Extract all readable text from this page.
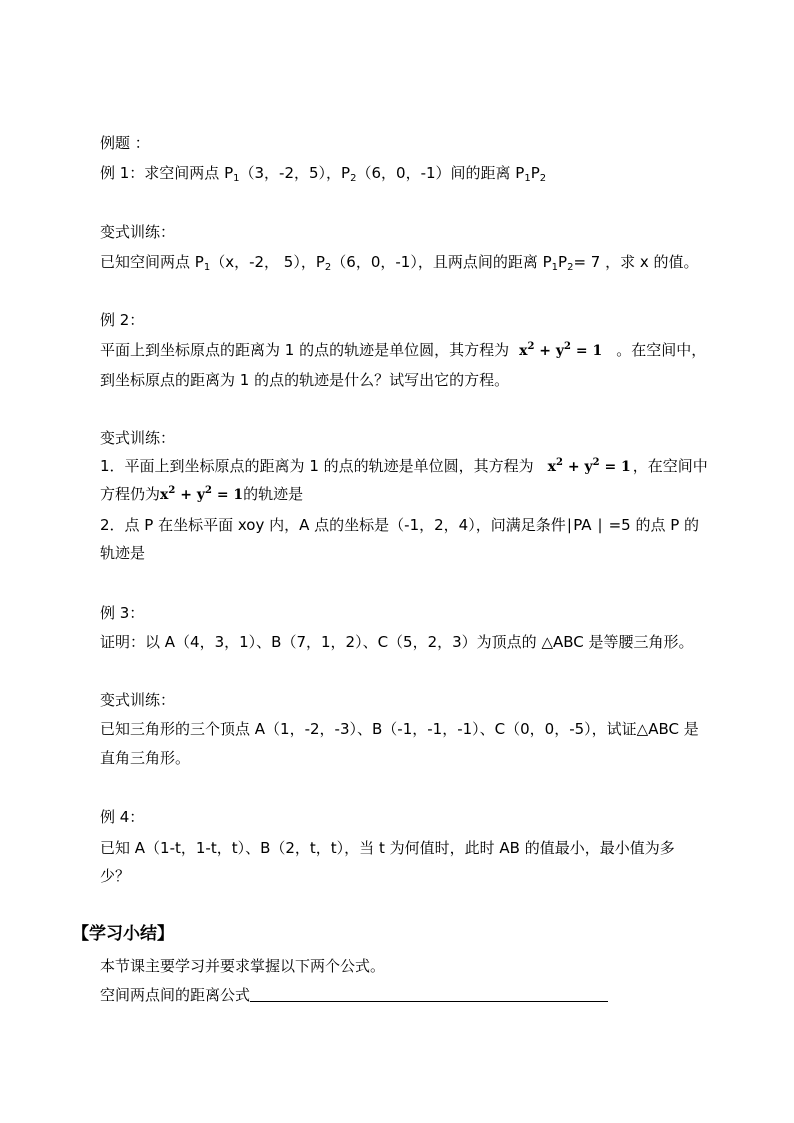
例题 ：
例 1：求空间两点 $P_1(3$，-2，5），$P_2(6$，0，-1）间的距离 $P_1P_2$
变式训练：
已知空间两点 $P_1(x$，-2， 5），$P_2(6$，0，-1），且两点间的距离 $P_1P_2= 7$ ，求 x 的值。
例 2：
平面上到坐标原点的距离为 1 的点的轨迹是单位圆，其方程为 $x^2 + y^2 = 1$ 。在空间中，
到坐标原点的距离为 1 的点的轨迹是什么？试写出它的方程。
变式训练：
1．平面上到坐标原点的距离为 1 的点的轨迹是单位圆，其方程为 $x^2 + y^2 = 1$ ，在空间中
方程仍为$x^2 + y^2 = 1$的轨迹是
2．点 P 在坐标平面 xoy 内，A 点的坐标是（-1，2，4），问满足条件∣PA ∣ =5 的点 P 的
轨迹是
例 3：
证明：以 A（4，3，1）、B（7，1，2）、C（5，2，3）为顶点的 △ABC 是等腰三角形。
变式训练：
已知三角形的三个顶点 A（1，-2，-3）、B（-1，-1，-1）、C（0，0，-5），试证△ABC 是
直角三角形。
例 4：
已知 A（1-t，1-t，t）、B（2，t，t），当 t 为何值时，此时 AB 的值最小，最小值为多
少？
【学习小结】
本节课主要学习并要求掌握以下两个公式。
空间两点间的距离公式
